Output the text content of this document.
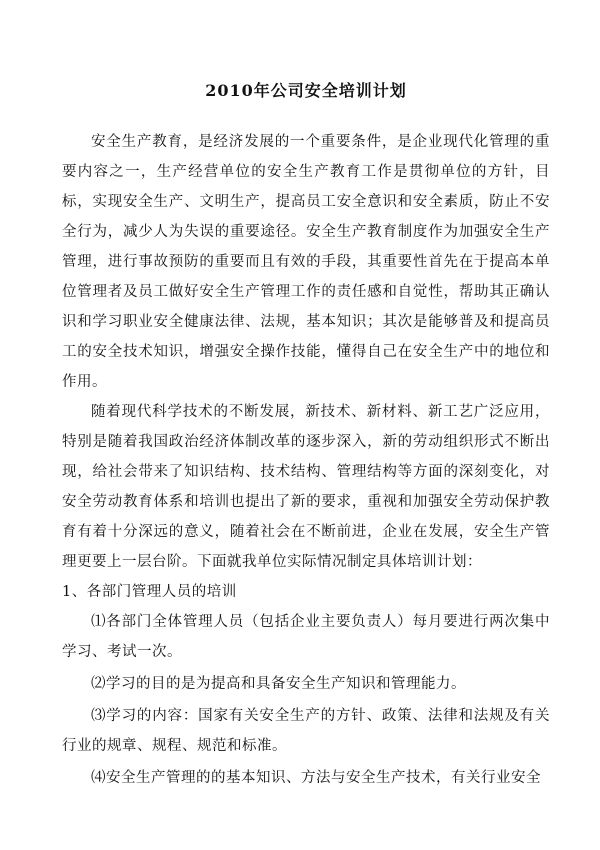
2010年公司安全培训计划

安全生产教育，是经济发展的一个重要条件，是企业现代化管理的重要内容之一，生产经营单位的安全生产教育工作是贯彻单位的方针，目标，实现安全生产、文明生产，提高员工安全意识和安全素质，防止不安全行为，减少人为失误的重要途径。安全生产教育制度作为加强安全生产管理，进行事故预防的重要而且有效的手段，其重要性首先在于提高本单位管理者及员工做好安全生产管理工作的责任感和自觉性，帮助其正确认识和学习职业安全健康法律、法规，基本知识；其次是能够普及和提高员工的安全技术知识，增强安全操作技能，懂得自己在安全生产中的地位和作用。

随着现代科学技术的不断发展，新技术、新材料、新工艺广泛应用，特别是随着我国政治经济体制改革的逐步深入，新的劳动组织形式不断出现，给社会带来了知识结构、技术结构、管理结构等方面的深刻变化，对安全劳动教育体系和培训也提出了新的要求，重视和加强安全劳动保护教育有着十分深远的意义，随着社会在不断前进，企业在发展，安全生产管理更要上一层台阶。下面就我单位实际情况制定具体培训计划：

1、各部门管理人员的培训

⑴各部门全体管理人员（包括企业主要负责人）每月要进行两次集中学习、考试一次。

⑵学习的目的是为提高和具备安全生产知识和管理能力。

⑶学习的内容：国家有关安全生产的方针、政策、法律和法规及有关行业的规章、规程、规范和标准。

⑷安全生产管理的的基本知识、方法与安全生产技术，有关行业安全
